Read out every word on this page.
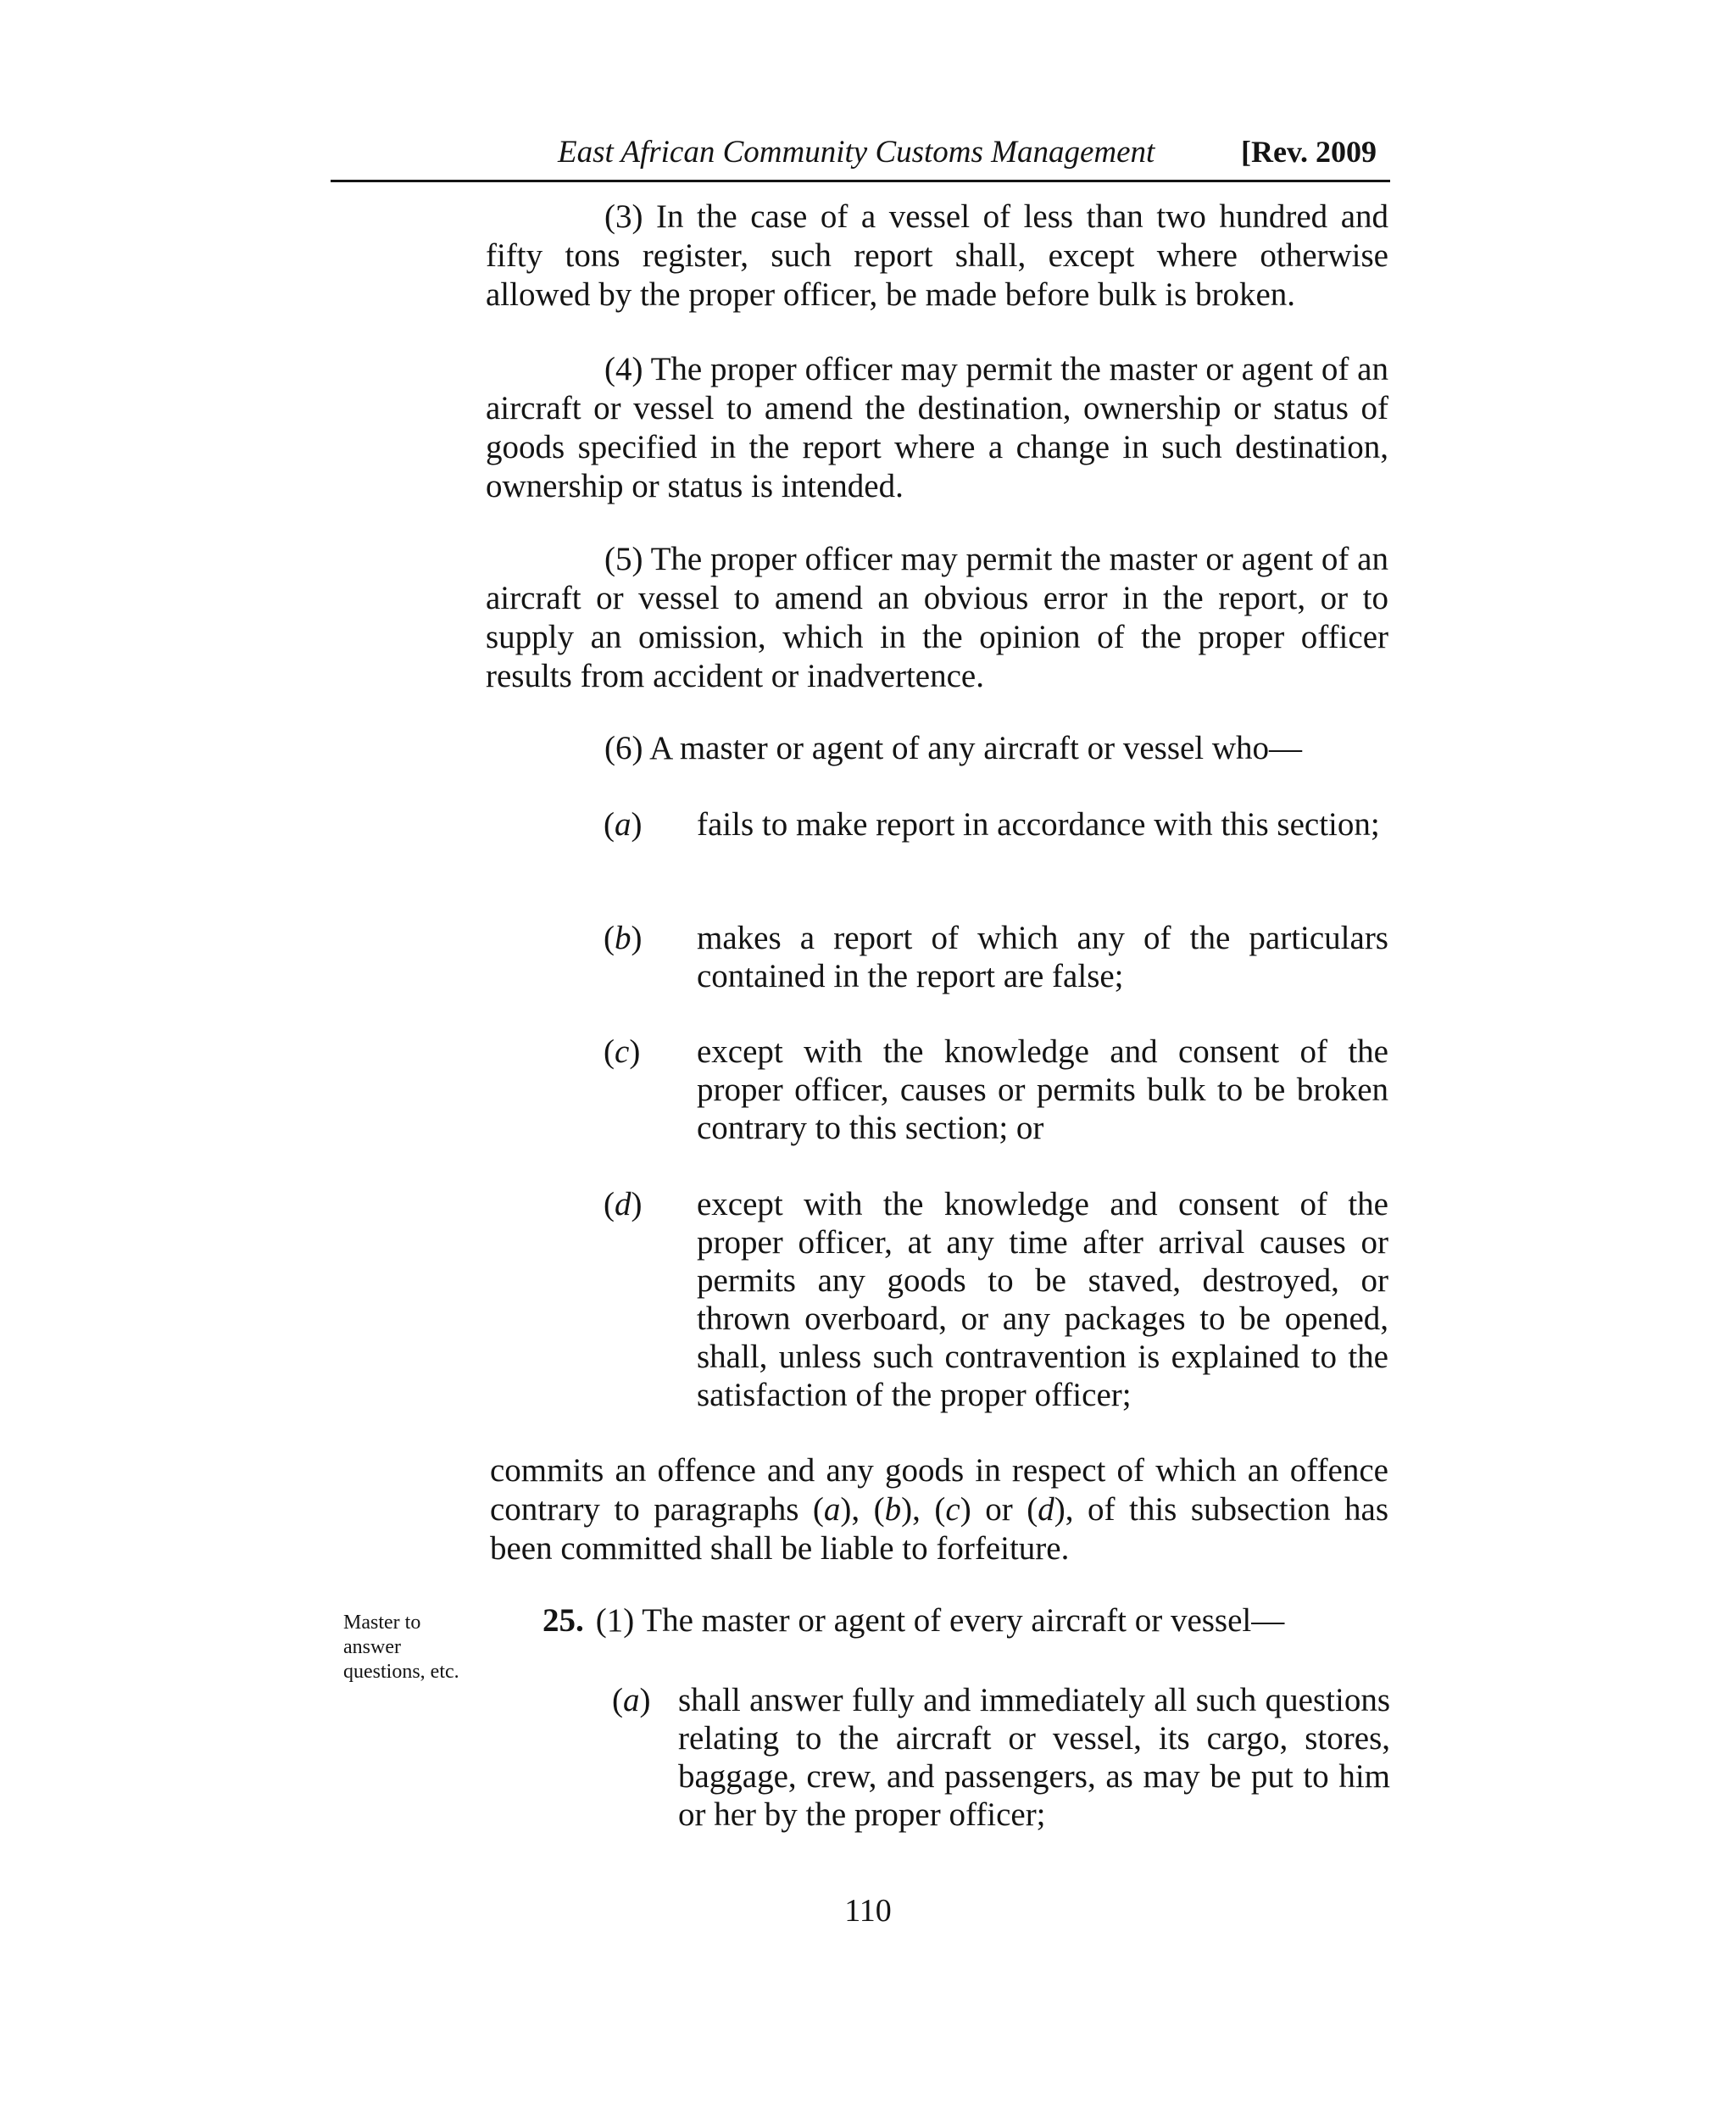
East African Community Customs Management	[Rev. 2009

(3) In the case of a vessel of less than two hundred and fifty tons register, such report shall, except where otherwise allowed by the proper officer, be made before bulk is broken.

(4) The proper officer may permit the master or agent of an aircraft or vessel to amend the destination, ownership or status of goods specified in the report where a change in such destination, ownership or status is intended.

(5) The proper officer may permit the master or agent of an aircraft or vessel to amend an obvious error in the report, or to supply an omission, which in the opinion of the proper officer results from accident or inadvertence.

(6) A master or agent of any aircraft or vessel who—

(a) fails to make report in accordance with this section;
(b) makes a report of which any of the particulars contained in the report are false;
(c) except with the knowledge and consent of the proper officer, causes or permits bulk to be broken contrary to this section; or
(d) except with the knowledge and consent of the proper officer, at any time after arrival causes or permits any goods to be staved, destroyed, or thrown overboard, or any packages to be opened, shall, unless such contravention is explained to the satisfaction of the proper officer;

commits an offence and any goods in respect of which an offence contrary to paragraphs (a), (b), (c) or (d), of this subsection has been committed shall be liable to forfeiture.

Master to answer questions, etc.
25. (1) The master or agent of every aircraft or vessel—
(a) shall answer fully and immediately all such questions relating to the aircraft or vessel, its cargo, stores, baggage, crew, and passengers, as may be put to him or her by the proper officer;
110
